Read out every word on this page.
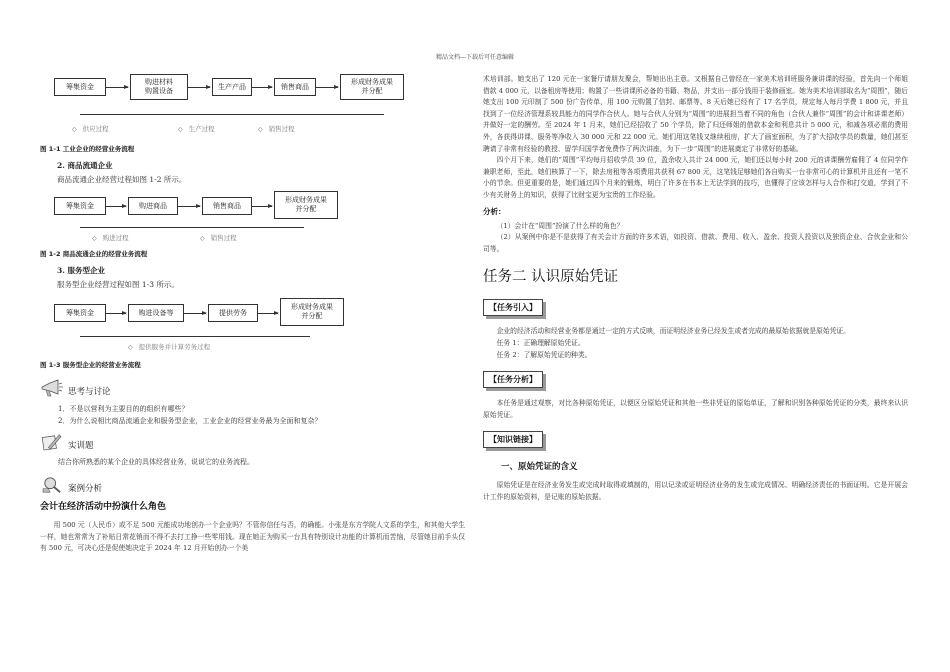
精品文档---下载后可任意编辑
筹集资金
购进材料
购置设备
生产产品	销售商品
形成财务成果
并分配
◇ 供应过程	◇ 生产过程	◇ 销售过程
图 1-1 工业企业的经营业务流程
2. 商品流通企业
商品流通企业经营过程如图 1-2 所示。
筹集资金	购进商品	销售商品
形成财务成果
并分配
◇ 购进过程	◇ 销售过程
图 1-2 商品流通企业的经营业务流程
3. 服务型企业
服务型企业经营过程如图 1-3 所示。
筹集资金	购进设备等	提供劳务
形成财务成果
并分配
◇ 提供服务并计算劳务过程
图 1-3 服务型企业的经营业务流程
思考与讨论
1．不是以营利为主要目的的组织有哪些？
2．为什么说相比商品流通企业和服务型企业，工业企业的经营业务最为全面和复杂？
实训题
结合你所熟悉的某个企业的具体经营业务，说说它的业务流程。
案例分析
会计在经济活动中扮演什么角色

用 500 元（人民币）或不足 500 元能成功地创办一个企业吗？不管你信任与否，的确能。小张是东方学院人文系的学生，和其他大学生一样，她也常常为了补贴日常花销而不得不去打工挣一些零用钱。现在她正为购买一台具有特别设计功能的计算机而苦恼，尽管她目前手头仅有 500 元，可决心还是促使她决定于 2024 年 12 月开始创办一个美

术培训部。她支出了 120 元在一家餐厅请朋友聚会，帮她出出主意。又根据自己曾经在一家美术培训班服务兼讲课的经验，首先向一个师姐借款 4 000 元，以备租房等使用；购置了一些讲课所必备的书籍、物品，并支出一部分钱用于装修画室。她为美术培训部取名为“周围”，随后她支出 100 元印制了 500 份广告传单，用 100 元购置了信封、邮票等。8 天后她已经有了 17 名学员，规定每人每月学费 1 800 元，并且找到了一位经济管理系较具能力的同学作合伙人。她与合伙人分别为“周围”的进展担当着不同的角色（合伙人兼作“周围”的会计和讲课老师）并做好一定的酬劳。至 2024 年 1 月末，她们已经招收了 50 个学员，除了归还师姐的借款本金和利息共计 5 000 元，和减各项必需的费用外，各获得讲课、服务等净收入 30 000 元和 22 000 元。她们用这笔钱又继续租房，扩大了画室面积，为了扩大招收学员的数量，她们甚至聘请了非常有经验的教授、留学归国学者免费作了两次讲座，为下一步“周围”的进展奠定了非常好的基础。

四个月下来，她们的“周围”平均每月招收学员 39 位，盈余收入共计 24 000 元，她们还以每小时 200 元的讲课酬劳雇佣了 4 位同学作兼职老师，至此，她们核算了一下，除去房租等各项费用共获利 67 800 元，这笔钱足够她们各自购买一台非常可心的计算机并且还有一笔不小的节余。但更重要的是，她们通过四个月来的锻炼，明白了许多在书本上无法学到的技巧，也懂得了应该怎样与人合作和打交道，学到了不少有关财务上的知识，获得了比财宝更为宝贵的工作经验。

分析：

（1）会计在“周围”扮演了什么样的角色？

（2）从案例中你是不是获得了有关会计方面的许多术语，如投资、借款、费用、收入、盈余、投资人投资以及独资企业、合伙企业和公司等。

任务二 认识原始凭证
【任务引入】

企业的经济活动和经营业务都是通过一定的方式反映，而证明经济业务已经发生或者完成的最原始依据就是原始凭证。

任务 1：正确理解原始凭证。

任务 2：了解原始凭证的种类。

【任务分析】

本任务是通过观察，对比各种原始凭证，以便区分原始凭证和其他一些非凭证的原始单证，了解和识别各种原始凭证的分类，最终来认识原始凭证。

【知识链接】
一、原始凭证的含义

原始凭证是在经济业务发生或完成时取得或填制的，用以记录或证明经济业务的发生或完成情况、明确经济责任的书面证明。它是开展会计工作的原始资料，是记账的原始依据。
